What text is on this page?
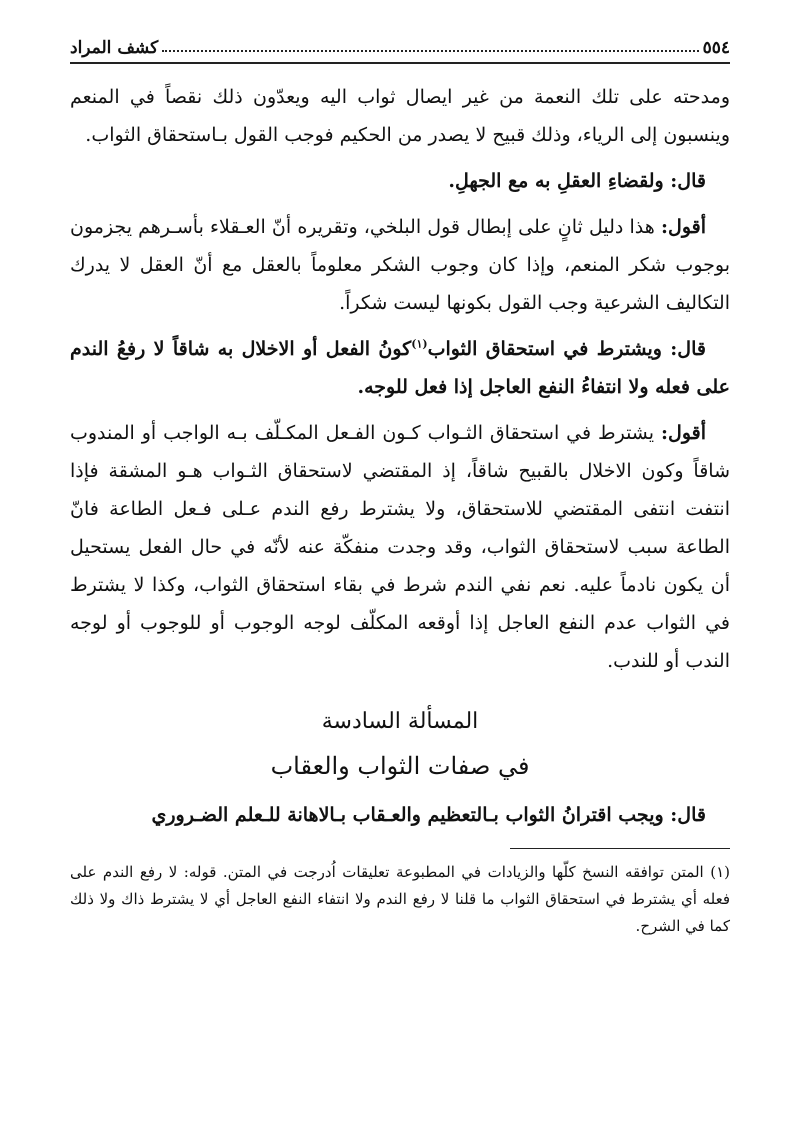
٥٥٤
كشف المراد

ومدحته على تلك النعمة من غير ايصال ثواب اليه ويعدّون ذلك نقصاً في المنعم وينسبون إلى الرياء، وذلك قبيح لا يصدر من الحكيم فوجب القول بـاستحقاق الثواب.

قال: ولقضاءِ العقلِ به مع الجهلِ.

أقول: هذا دليل ثانٍ على إبطال قول البلخي، وتقريره أنّ العـقلاء بأسـرهم يجزمون بوجوب شكر المنعم، وإذا كان وجوب الشكر معلوماً بالعقل مع أنّ العقل لا يدرك التكاليف الشرعية وجب القول بكونها ليست شكراً.

قال: ويشترط في استحقاق الثواب$^{(١)}$كونُ الفعل أو الاخلال به شاقاً لا رفعُ الندم على فعله ولا انتفاءُ النفع العاجل إذا فعل للوجه.

أقول: يشترط في استحقاق الثـواب كـون الفـعل المكـلّف بـه الواجب أو المندوب شاقاً وكون الاخلال بالقبيح شاقاً، إذ المقتضي لاستحقاق الثـواب هـو المشقة فإذا انتفت انتفى المقتضي للاستحقاق، ولا يشترط رفع الندم عـلى فـعل الطاعة فانّ الطاعة سبب لاستحقاق الثواب، وقد وجدت منفكّة عنه لأنّه في حال الفعل يستحيل أن يكون نادماً عليه. نعم نفي الندم شرط في بقاء استحقاق الثواب، وكذا لا يشترط في الثواب عدم النفع العاجل إذا أوقعه المكلّف لوجه الوجوب أو للوجوب أو لوجه الندب أو للندب.

المسألة السادسة
في صفات الثواب والعقاب

قال: ويجب اقترانُ الثواب بـالتعظيم والعـقاب بـالاهانة للـعلم الضـروري

(١) المتن توافقه النسخ كلّها والزيادات في المطبوعة تعليقات اُدرجت في المتن. قوله: لا رفع الندم على فعله أي يشترط في استحقاق الثواب ما قلنا لا رفع الندم ولا انتفاء النفع العاجل أي لا يشترط ذاك ولا ذلك كما في الشرح.
